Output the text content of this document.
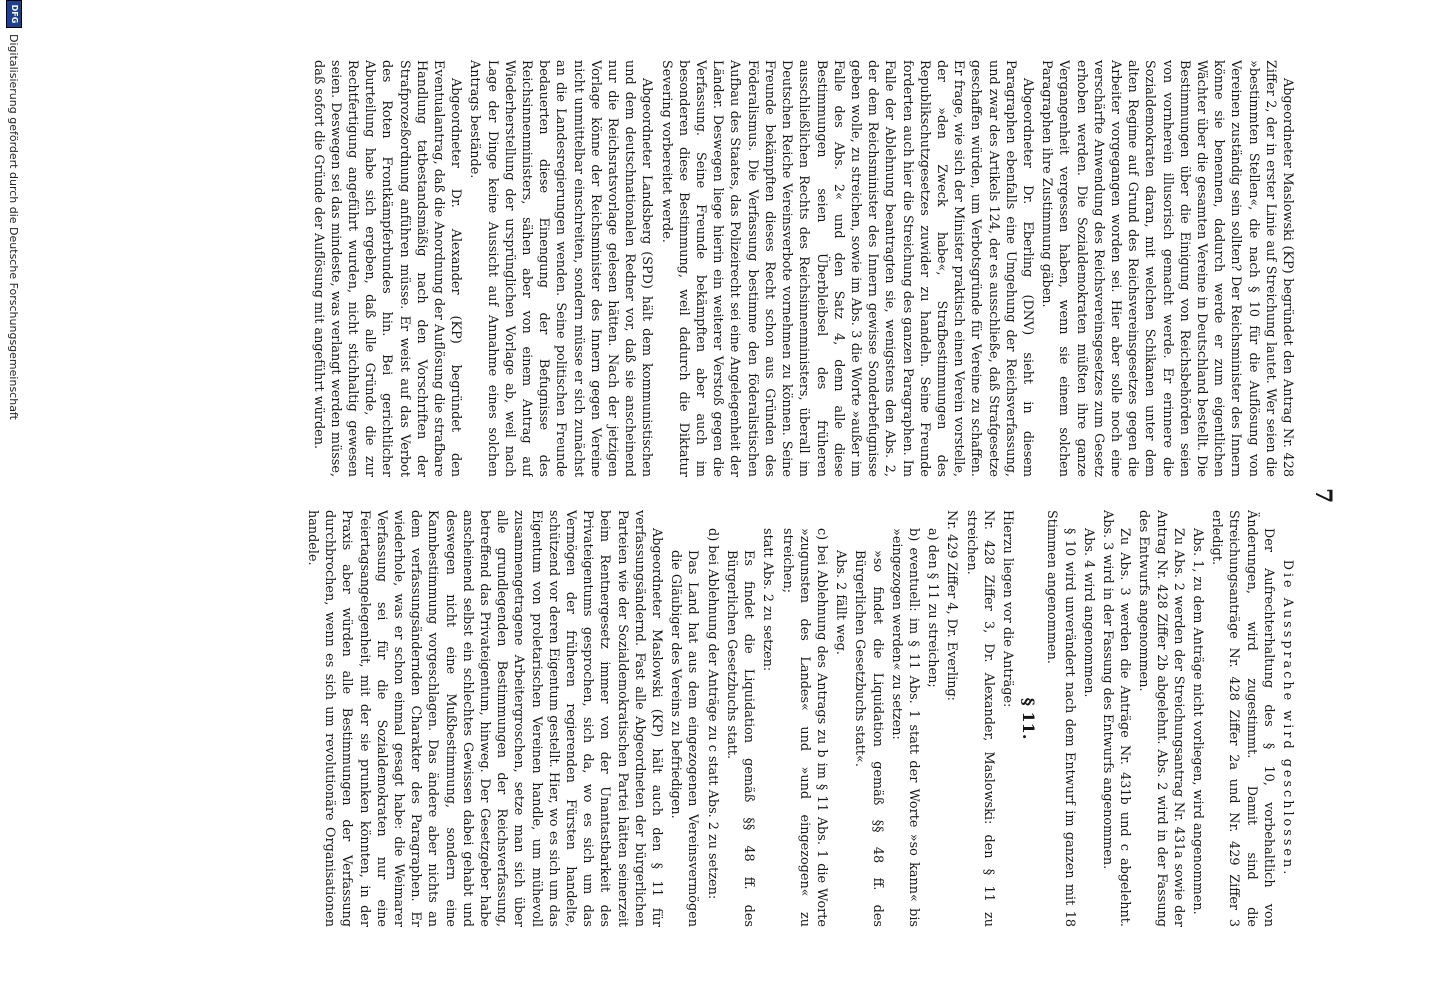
7

Abgeordneter Maslowski (KP) begründet den Antrag Nr. 428 Ziffer 2, der in erster Linie auf Streichung lautet. Wer seien die »bestimmten Stellen«, die nach § 10 für die Auflösung von Vereinen zuständig sein sollten? Der Reichsminister des Innern könne sie benennen, dadurch werde er zum eigentlichen Wächter über die gesamten Vereine in Deutschland bestellt. Die Bestimmungen über die Einigung von Reichsbehörden seien von vornherein illusorisch gemacht werde. Er erinnere die Sozialdemokraten daran, mit welchen Schikanen unter dem alten Regime auf Grund des Reichsvereinsgesetzes gegen die Arbeiter vorgegangen worden sei. Hier aber solle noch eine verschärfte Anwendung des Reichsvereinsgesetzes zum Gesetz erhoben werden. Die Sozialdemokraten müßten ihre ganze Vergangenheit vergessen haben, wenn sie einem solchen Paragraphen ihre Zustimmung gäben.

Abgeordneter Dr. Eberling (DNV) sieht in diesem Paragraphen ebenfalls eine Umgehung der Reichsverfassung, und zwar des Artikels 124, der es ausschließe, daß Strafgesetze geschaffen würden, um Verbotsgründe für Vereine zu schaffen. Er frage, wie sich der Minister praktisch einen Verein vorstelle, der »den Zweck habe«, Strafbestimmungen des Republikschutzgesetzes zuwider zu handeln. Seine Freunde forderten auch hier die Streichung des ganzen Paragraphen. Im Falle der Ablehnung beantragten sie, wenigstens den Abs. 2, der dem Reichsminister des Innern gewisse Sonderbefugnisse geben wolle, zu streichen, sowie im Abs. 3 die Worte »außer im Falle des Abs. 2« und den Satz 4, denn alle diese Bestimmungen seien Überbleibsel des früheren ausschließlichen Rechts des Reichsinnenministers, überall im Deutschen Reiche Vereinsverbote vornehmen zu können. Seine Freunde bekämpften dieses Recht schon aus Gründen des Föderalismus. Die Verfassung bestimme den föderalistischen Aufbau des Staates, das Polizeirecht sei eine Angelegenheit der Länder. Deswegen liege hierin ein weiterer Verstoß gegen die Verfassung. Seine Freunde bekämpften aber auch im besonderen diese Bestimmung, weil dadurch die Diktatur Severing vorbereitet werde.

Abgeordneter Landsberg (SPD) hält dem kommunistischen und dem deutschnationalen Redner vor, daß sie anscheinend nur die Reichsratsvorlage gelesen hätten. Nach der jetzigen Vorlage könne der Reichsminister des Innern gegen Vereine nicht unmittelbar einschreiten, sondern müsse er sich zunächst an die Landesregierungen wenden. Seine politischen Freunde bedauerten diese Einengung der Befugnisse des Reichsinnenministers, sähen aber von einem Antrag auf Wiederherstellung der ursprünglichen Vorlage ab, weil nach Lage der Dinge keine Aussicht auf Annahme eines solchen Antrags bestände.

Abgeordneter Dr. Alexander (KP) begründet den Eventualantrag, daß die Anordnung der Auflösung die strafbare Handlung tatbestandsmäßig nach den Vorschriften der Strafprozeßordnung anführen müsse. Er weist auf das Verbot des Roten Frontkämpferbundes hin. Bei gerichtlicher Aburteilung habe sich ergeben, daß alle Gründe, die zur Rechtfertigung angeführt wurden, nicht stichhaltig gewesen seien. Deswegen sei das mindeste, was verlangt werden müsse, daß sofort die Gründe der Auflösung mit angeführt würden.

Die Aussprache wird geschlossen.

Der Aufrechterhaltung des § 10, vorbehaltlich von Änderungen, wird zugestimmt. Damit sind die Streichungsanträge Nr. 428 Ziffer 2a und Nr. 429 Ziffer 3 erledigt.

Abs. 1, zu dem Anträge nicht vorliegen, wird angenommen.

Zu Abs. 2 werden der Streichungsantrag Nr. 431a sowie der Antrag Nr. 428 Ziffer 2b abgelehnt. Abs. 2 wird in der Fassung des Entwurfs angenommen.

Zu Abs. 3 werden die Anträge Nr. 431b und c abgelehnt. Abs. 3 wird in der Fassung des Entwurfs angenommen.

Abs. 4 wird angenommen.

§ 10 wird unverändert nach dem Entwurf im ganzen mit 18 Stimmen angenommen.

§ 11.

Hierzu liegen vor die Anträge:

Nr. 428 Ziffer 3, Dr. Alexander, Maslowski: den § 11 zu streichen.

Nr. 429 Ziffer 4, Dr. Everling:

a) den § 11 zu streichen;

b) eventuell: im § 11 Abs. 1 statt der Worte »so kann« bis »eingezogen werden« zu setzen:

»so findet die Liquidation gemäß §§ 48 ff. des Bürgerlichen Gesetzbuchs statt«.

Abs. 2 fällt weg.

c) bei Ablehnung des Antrags zu b im § 11 Abs. 1 die Worte »zugunsten des Landes« und »und eingezogen« zu streichen;

statt Abs. 2 zu setzen:

Es findet die Liquidation gemäß §§ 48 ff. des Bürgerlichen Gesetzbuchs statt.

d) bei Ablehnung der Anträge zu c statt Abs. 2 zu setzen:

Das Land hat aus dem eingezogenen Vereinsvermögen die Gläubiger des Vereins zu befriedigen.

Abgeordneter Maslowski (KP) hält auch den § 11 für verfassungsändernd. Fast alle Abgeordneten der bürgerlichen Parteien wie der Sozialdemokratischen Partei hätten seinerzeit beim Rentnergesetz immer von der Unantastbarkeit des Privateigentums gesprochen, sich da, wo es sich um das Vermögen der früheren regierenden Fürsten handelte, schützend vor deren Eigentum gestellt. Hier, wo es sich um das Eigentum von proletarischen Vereinen handle, um mühevoll zusammengetragene Arbeitergroschen, setze man sich über alle grundlegenden Bestimmungen der Reichsverfassung, betreffend das Privateigentum, hinweg. Der Gesetzgeber habe anscheinend selbst ein schlechtes Gewissen dabei gehabt und deswegen nicht eine Mußbestimmung, sondern eine Kannbestimmung vorgeschlagen. Das ändere aber nichts an dem verfassungsändernden Charakter des Paragraphen. Er wiederhole, was er schon einmal gesagt habe: die Weimarer Verfassung sei für die Sozialdemokraten nur eine Feiertagsangelegenheit, mit der sie prunken könnten, in der Praxis aber würden alle Bestimmungen der Verfassung durchbrochen, wenn es sich um revolutionäre Organisationen handele.

DFG
Digitalisierung gefördert durch die Deutsche Forschungsgemeinschaft
